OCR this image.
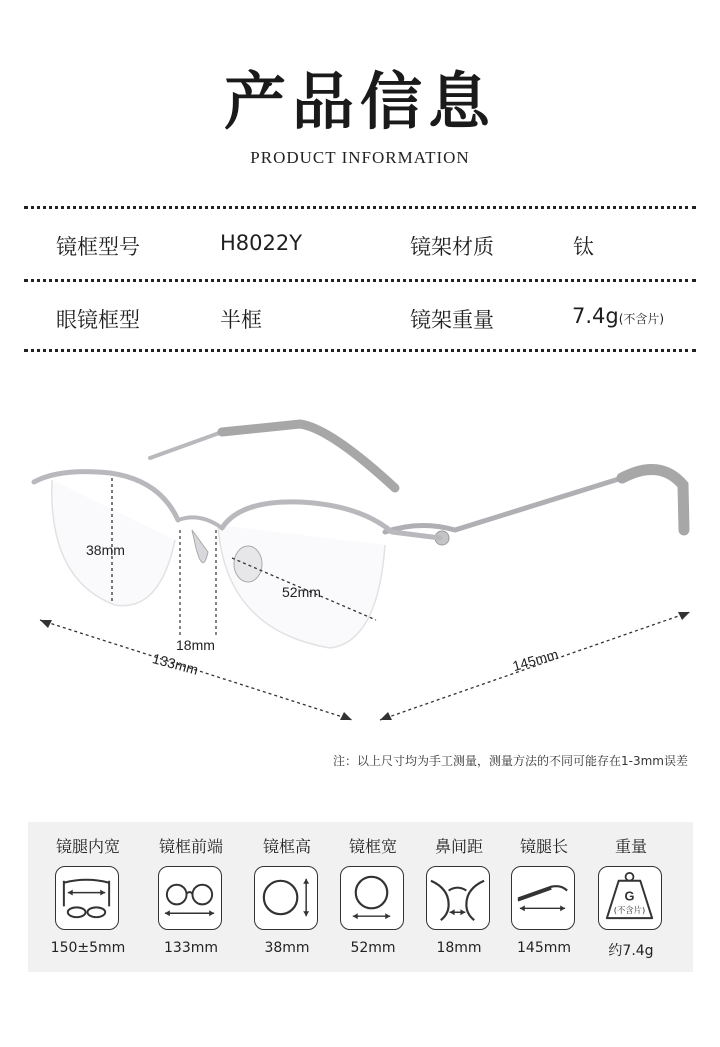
产品信息
PRODUCT INFORMATION
镜框型号	H8022Y	镜架材质	钛
眼镜框型	半框	镜架重量	7.4g(不含片)
38mm
52mm
18mm
133mm	145mm
注：以上尺寸均为手工测量，测量方法的不同可能存在1-3mm误差
镜腿内宽
150±5mm
镜框前端
133mm
镜框高
38mm
镜框宽
52mm
鼻间距
18mm
镜腿长
145mm
重量
G
(不含片)
约7.4g
